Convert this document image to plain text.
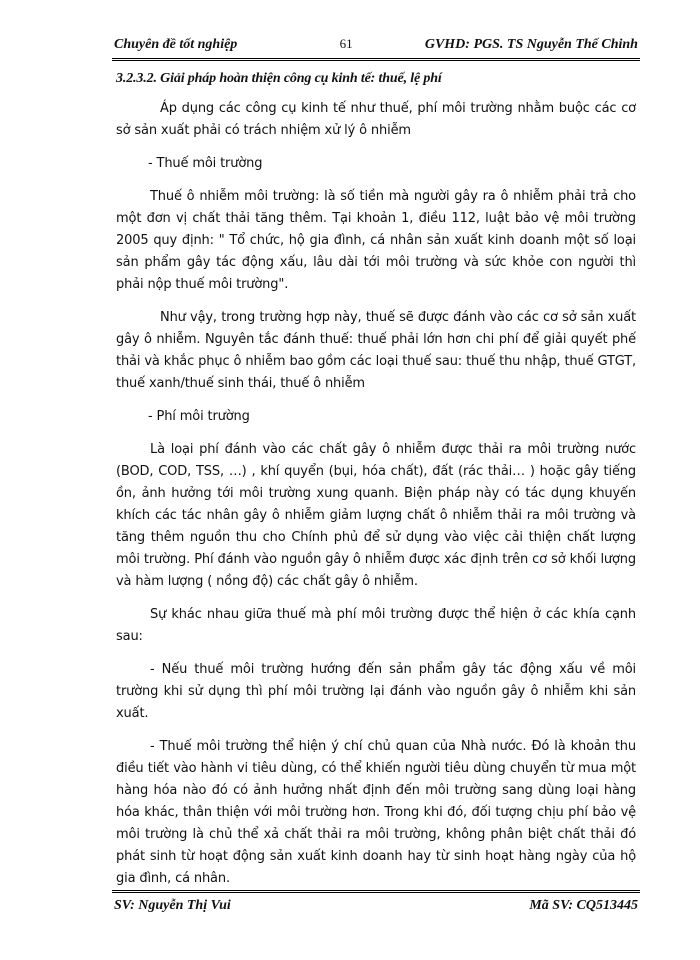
Chuyên đề tốt nghiệp	61	GVHD: PGS. TS Nguyễn Thế Chinh

3.2.3.2. Giải pháp hoàn thiện công cụ kinh tế: thuế, lệ phí

Áp dụng các công cụ kinh tế như thuế, phí môi trường nhằm buộc các cơ sở sản xuất phải có trách nhiệm xử lý ô nhiễm

- Thuế môi trường

Thuế ô nhiễm môi trường: là số tiền mà người gây ra ô nhiễm phải trả cho một đơn vị chất thải tăng thêm. Tại khoản 1, điều 112, luật bảo vệ môi trường 2005 quy định: " Tổ chức, hộ gia đình, cá nhân sản xuất kinh doanh một số loại sản phẩm gây tác động xấu, lâu dài tới môi trường và sức khỏe con người thì phải nộp thuế môi trường".

Như vậy, trong trường hợp này, thuế sẽ được đánh vào các cơ sở sản xuất gây ô nhiễm. Nguyên tắc đánh thuế: thuế phải lớn hơn chi phí để giải quyết phế thải và khắc phục ô nhiễm bao gồm các loại thuế sau: thuế thu nhập, thuế GTGT, thuế xanh/thuế sinh thái, thuế ô nhiễm

- Phí môi trường

Là loại phí đánh vào các chất gây ô nhiễm được thải ra môi trường nước (BOD, COD, TSS, …) , khí quyển (bụi, hóa chất), đất (rác thải… ) hoặc gây tiếng ồn, ảnh hưởng tới môi trường xung quanh. Biện pháp này có tác dụng khuyến khích các tác nhân gây ô nhiễm giảm lượng chất ô nhiễm thải ra môi trường và tăng thêm nguồn thu cho Chính phủ để sử dụng vào việc cải thiện chất lượng môi trường. Phí đánh vào nguồn gây ô nhiễm được xác định trên cơ sở khối lượng và hàm lượng ( nồng độ) các chất gây ô nhiễm.

Sự khác nhau giữa thuế mà phí môi trường được thể hiện ở các khía cạnh sau:

- Nếu thuế môi trường hướng đến sản phẩm gây tác động xấu về môi trường khi sử dụng thì phí môi trường lại đánh vào nguồn gây ô nhiễm khi sản xuất.

- Thuế môi trường thể hiện ý chí chủ quan của Nhà nước. Đó là khoản thu điều tiết vào hành vi tiêu dùng, có thể khiến người tiêu dùng chuyển từ mua một hàng hóa nào đó có ảnh hưởng nhất định đến môi trường sang dùng loại hàng hóa khác, thân thiện với môi trường hơn. Trong khi đó, đối tượng chịu phí bảo vệ môi trường là chủ thể xả chất thải ra môi trường, không phân biệt chất thải đó phát sinh từ hoạt động sản xuất kinh doanh hay từ sinh hoạt hàng ngày của hộ gia đình, cá nhân.

SV: Nguyễn Thị Vui	Mã SV: CQ513445
